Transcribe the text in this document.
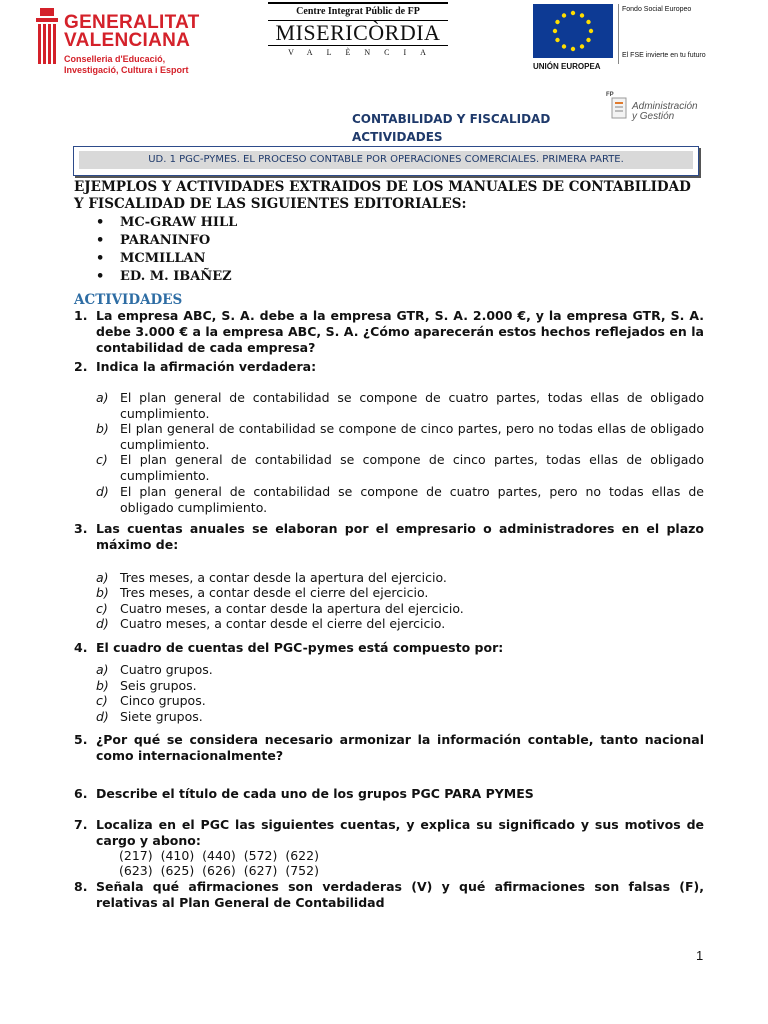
GENERALITAT
VALENCIANA
Conselleria d'Educació,
Investigació, Cultura i Esport
Centre Integrat Públic de FP
MISERICÒRDIA
VALÈNCIA
UNIÓN EUROPEA
Fondo Social Europeo
El FSE invierte en tu futuro
FP
Administración
y Gestión
CONTABILIDAD Y FISCALIDAD
ACTIVIDADES
UD. 1 PGC-PYMES. EL PROCESO CONTABLE POR OPERACIONES COMERCIALES. PRIMERA PARTE.
EJEMPLOS Y ACTIVIDADES EXTRAIDOS DE LOS MANUALES DE CONTABILIDAD Y FISCALIDAD DE LAS SIGUIENTES EDITORIALES:
• MC-GRAW HILL
• PARANINFO
• MCMILLAN
• ED. M. IBAÑEZ
ACTIVIDADES
1. La empresa ABC, S. A. debe a la empresa GTR, S. A. 2.000 €, y la empresa GTR, S. A. debe 3.000 € a la empresa ABC, S. A. ¿Cómo aparecerán estos hechos reflejados en la contabilidad de cada empresa?
2. Indica la afirmación verdadera:
a) El plan general de contabilidad se compone de cuatro partes, todas ellas de obligado cumplimiento.
b) El plan general de contabilidad se compone de cinco partes, pero no todas ellas de obligado cumplimiento.
c) El plan general de contabilidad se compone de cinco partes, todas ellas de obligado cumplimiento.
d) El plan general de contabilidad se compone de cuatro partes, pero no todas ellas de obligado cumplimiento.
3. Las cuentas anuales se elaboran por el empresario o administradores en el plazo máximo de:
a) Tres meses, a contar desde la apertura del ejercicio.
b) Tres meses, a contar desde el cierre del ejercicio.
c) Cuatro meses, a contar desde la apertura del ejercicio.
d) Cuatro meses, a contar desde el cierre del ejercicio.
4. El cuadro de cuentas del PGC-pymes está compuesto por:
a) Cuatro grupos.
b) Seis grupos.
c) Cinco grupos.
d) Siete grupos.
5. ¿Por qué se considera necesario armonizar la información contable, tanto nacional como internacionalmente?
6. Describe el título de cada uno de los grupos PGC PARA PYMES
7. Localiza en el PGC las siguientes cuentas, y explica su significado y sus motivos de cargo y abono:
(217) (410) (440) (572) (622)
(623) (625) (626) (627) (752)
8. Señala qué afirmaciones son verdaderas (V) y qué afirmaciones son falsas (F), relativas al Plan General de Contabilidad
1
